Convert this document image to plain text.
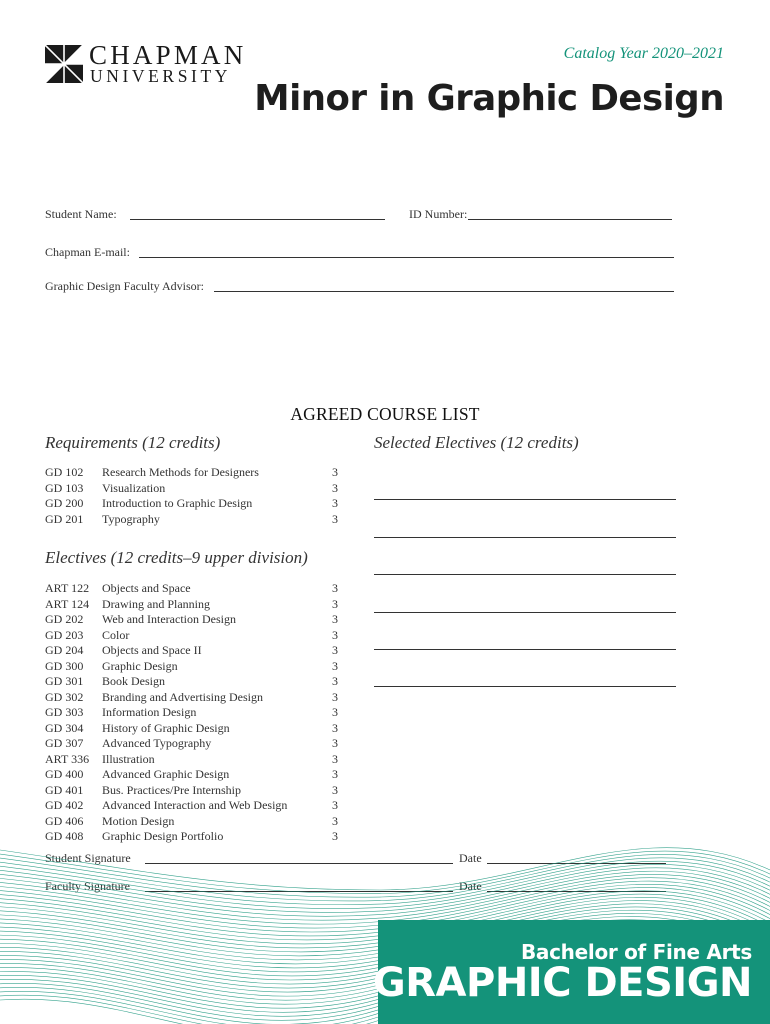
CHAPMAN
UNIVERSITY
Catalog Year 2020–2021
Minor in Graphic Design
Student Name:	ID Number:
Chapman E-mail:
Graphic Design Faculty Advisor:
AGREED COURSE LIST
Requirements (12 credits)	Selected Electives (12 credits)
GD 102	Research Methods for Designers	3
GD 103	Visualization	3
GD 200	Introduction to Graphic Design	3
GD 201	Typography	3
Electives (12 credits–9 upper division)
ART 122	Objects and Space	3
ART 124	Drawing and Planning	3
GD 202	Web and Interaction Design	3
GD 203	Color	3
GD 204	Objects and Space II	3
GD 300	Graphic Design	3
GD 301	Book Design	3
GD 302	Branding and Advertising Design	3
GD 303	Information Design	3
GD 304	History of Graphic Design	3
GD 307	Advanced Typography	3
ART 336	Illustration	3
GD 400	Advanced Graphic Design	3
GD 401	Bus. Practices/Pre Internship	3
GD 402	Advanced Interaction and Web Design	3
GD 406	Motion Design	3
GD 408	Graphic Design Portfolio	3
Student Signature	Date
Faculty Signature	Date
Bachelor of Fine Arts
GRAPHIC DESIGN
